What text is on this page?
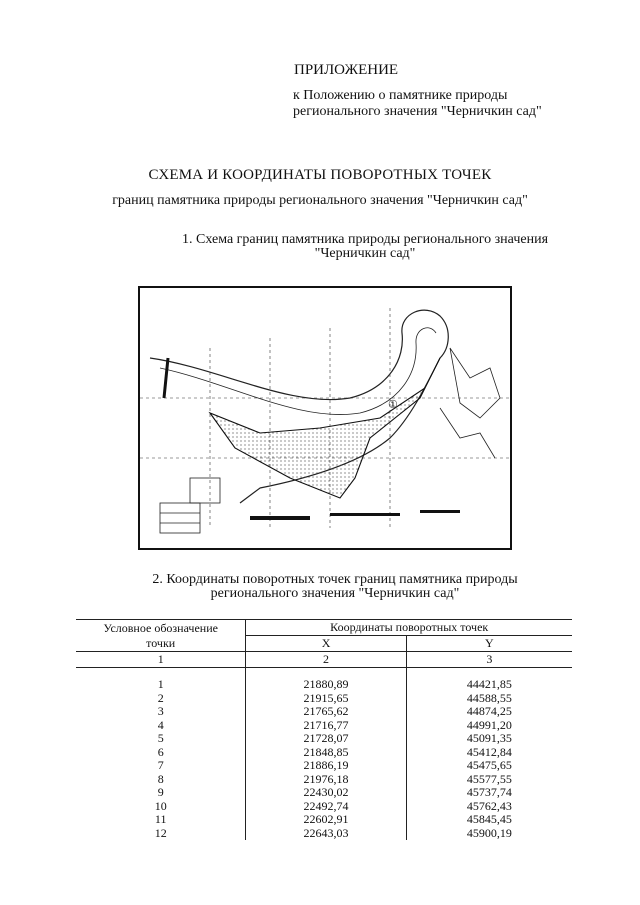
ПРИЛОЖЕНИЕ
к Положению о памятнике природы
регионального значения "Черничкин сад"
СХЕМА И КООРДИНАТЫ ПОВОРОТНЫХ ТОЧЕК
границ памятника природы регионального значения "Черничкин сад"
1. Схема границ памятника природы регионального значения
"Черничкин сад"
①
2. Координаты поворотных точек границ памятника природы
регионального значения "Черничкин сад"
Условное обозначение
точки	Координаты поворотных точек	
	X	Y
1	2	3

1	21880,89	44421,85
2	21915,65	44588,55
3	21765,62	44874,25
4	21716,77	44991,20
5	21728,07	45091,35
6	21848,85	45412,84
7	21886,19	45475,65
8	21976,18	45577,55
9	22430,02	45737,74
10	22492,74	45762,43
11	22602,91	45845,45
12	22643,03	45900,19
